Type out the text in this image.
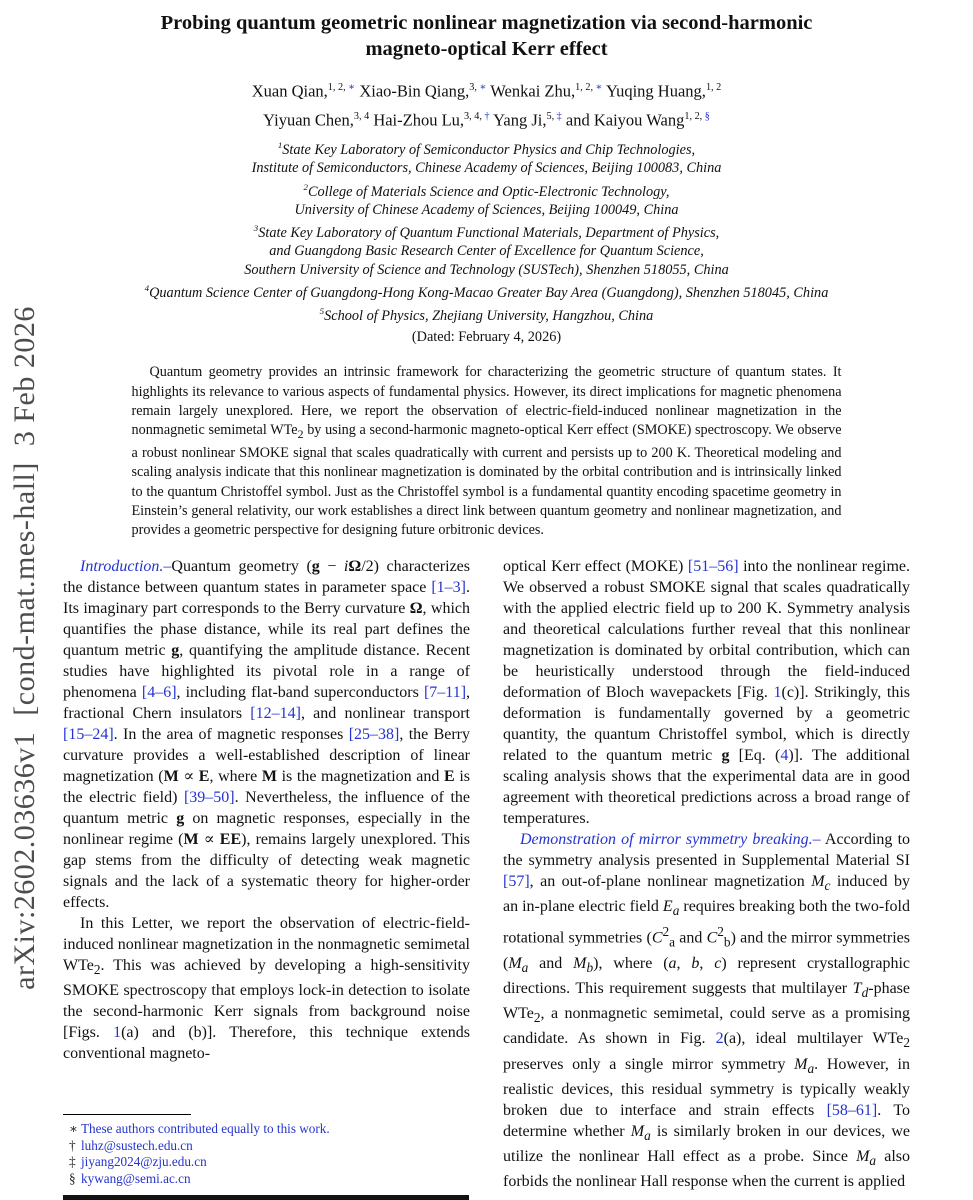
arXiv:2602.03636v1  [cond-mat.mes-hall]  3 Feb 2026
Probing quantum geometric nonlinear magnetization via second-harmonic magneto-optical Kerr effect
Xuan Qian,$^{1, 2, ∗}$ Xiao-Bin Qiang,$^{3, ∗}$ Wenkai Zhu,$^{1, 2, ∗}$ Yuqing Huang,$^{1, 2}$
Yiyuan Chen,$^{3, 4}$ Hai-Zhou Lu,$^{3, 4, \dagger}$ Yang Ji,$^{5, \ddagger}$ and Kaiyou Wang$^{1, 2, \S}$
$^1$State Key Laboratory of Semiconductor Physics and Chip Technologies,
Institute of Semiconductors, Chinese Academy of Sciences, Beijing 100083, China
$^2$College of Materials Science and Optic-Electronic Technology,
University of Chinese Academy of Sciences, Beijing 100049, China
$^3$State Key Laboratory of Quantum Functional Materials, Department of Physics,
and Guangdong Basic Research Center of Excellence for Quantum Science,
Southern University of Science and Technology (SUSTech), Shenzhen 518055, China
$^4$Quantum Science Center of Guangdong-Hong Kong-Macao Greater Bay Area (Guangdong), Shenzhen 518045, China
$^5$School of Physics, Zhejiang University, Hangzhou, China
(Dated: February 4, 2026)
Quantum geometry provides an intrinsic framework for characterizing the geometric structure of quantum states. It highlights its relevance to various aspects of fundamental physics. However, its direct implications for magnetic phenomena remain largely unexplored. Here, we report the observation of electric-field-induced nonlinear magnetization in the nonmagnetic semimetal WTe$_2$ by using a second-harmonic magneto-optical Kerr effect (SMOKE) spectroscopy. We observe a robust nonlinear SMOKE signal that scales quadratically with current and persists up to 200 K. Theoretical modeling and scaling analysis indicate that this nonlinear magnetization is dominated by the orbital contribution and is intrinsically linked to the quantum Christoffel symbol. Just as the Christoffel symbol is a fundamental quantity encoding spacetime geometry in Einstein’s general relativity, our work establishes a direct link between quantum geometry and nonlinear magnetization, and provides a geometric perspective for designing future orbitronic devices.

Introduction.–Quantum geometry (g − iΩ/2) characterizes the distance between quantum states in parameter space [1–3]. Its imaginary part corresponds to the Berry curvature Ω, which quantifies the phase distance, while its real part defines the quantum metric g, quantifying the amplitude distance. Recent studies have highlighted its pivotal role in a range of phenomena [4–6], including flat-band superconductors [7–11], fractional Chern insulators [12–14], and nonlinear transport [15–24]. In the area of magnetic responses [25–38], the Berry curvature provides a well-established description of linear magnetization (M ∝ E, where M is the magnetization and E is the electric field) [39–50]. Nevertheless, the influence of the quantum metric g on magnetic responses, especially in the nonlinear regime (M ∝ EE), remains largely unexplored. This gap stems from the difficulty of detecting weak magnetic signals and the lack of a systematic theory for higher-order effects.

In this Letter, we report the observation of electric-field-induced nonlinear magnetization in the nonmagnetic semimetal WTe$_2$. This was achieved by developing a high-sensitivity SMOKE spectroscopy that employs lock-in detection to isolate the second-harmonic Kerr signals from background noise [Figs. 1(a) and (b)]. Therefore, this technique extends conventional magneto-

optical Kerr effect (MOKE) [51–56] into the nonlinear regime. We observed a robust SMOKE signal that scales quadratically with the applied electric field up to 200 K. Symmetry analysis and theoretical calculations further reveal that this nonlinear magnetization is dominated by orbital contribution, which can be heuristically understood through the field-induced deformation of Bloch wavepackets [Fig. 1(c)]. Strikingly, this deformation is fundamentally governed by a geometric quantity, the quantum Christoffel symbol, which is directly related to the quantum metric g [Eq. (4)]. The additional scaling analysis shows that the experimental data are in good agreement with theoretical predictions across a broad range of temperatures.

Demonstration of mirror symmetry breaking.– According to the symmetry analysis presented in Supplemental Material SI [57], an out-of-plane nonlinear magnetization $M_c$ induced by an in-plane electric field $E_a$ requires breaking both the two-fold rotational symmetries ($C^2_a$ and $C^2_b$) and the mirror symmetries ($M_a$ and $M_b$), where (a, b, c) represent crystallographic directions. This requirement suggests that multilayer $T_d$-phase WTe$_2$, a nonmagnetic semimetal, could serve as a promising candidate. As shown in Fig. 2(a), ideal multilayer WTe$_2$ preserves only a single mirror symmetry $M_a$. However, in realistic devices, this residual symmetry is typically weakly broken due to interface and strain effects [58–61]. To determine whether $M_a$ is similarly broken in our devices, we utilize the nonlinear Hall effect as a probe. Since $M_a$ also forbids the nonlinear Hall response when the current is applied

∗ These authors contributed equally to this work.
† luhz@sustech.edu.cn
‡ jiyang2024@zju.edu.cn
§ kywang@semi.ac.cn
